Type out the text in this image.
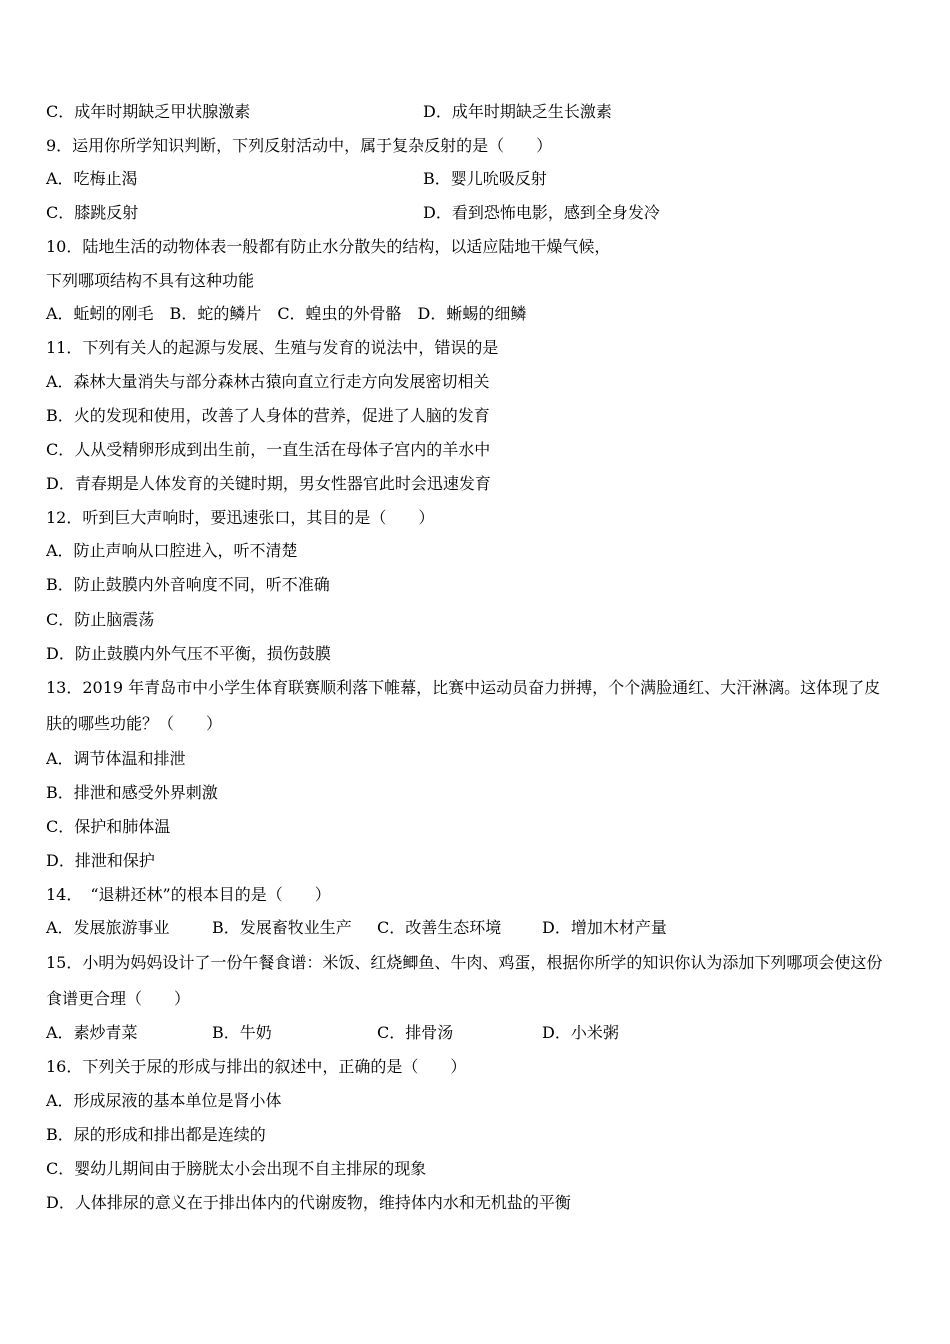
C．成年时期缺乏甲状腺激素	D．成年时期缺乏生长激素
9．运用你所学知识判断，下列反射活动中，属于复杂反射的是（　　）
A．吃梅止渴	B．婴儿吮吸反射
C．膝跳反射	D．看到恐怖电影，感到全身发冷
10．陆地生活的动物体表一般都有防止水分散失的结构，以适应陆地干燥气候，
下列哪项结构不具有这种功能
A．蚯蚓的刚毛　B．蛇的鳞片　C．蝗虫的外骨骼　D．蜥蜴的细鳞
11．下列有关人的起源与发展、生殖与发育的说法中，错误的是
A．森林大量消失与部分森林古猿向直立行走方向发展密切相关
B．火的发现和使用，改善了人身体的营养，促进了人脑的发育
C．人从受精卵形成到出生前，一直生活在母体子宫内的羊水中
D．青春期是人体发育的关键时期，男女性器官此时会迅速发育
12．听到巨大声响时，要迅速张口，其目的是（　　）
A．防止声响从口腔进入，听不清楚
B．防止鼓膜内外音响度不同，听不准确
C．防止脑震荡
D．防止鼓膜内外气压不平衡，损伤鼓膜
13．2019 年青岛市中小学生体育联赛顺利落下帷幕，比赛中运动员奋力拼搏，个个满脸通红、大汗淋漓。这体现了皮
肤的哪些功能？（　　）
A．调节体温和排泄
B．排泄和感受外界刺激
C．保护和肺体温
D．排泄和保护
14．　“退耕还林”的根本目的是（　　）
A．发展旅游事业	B．发展畜牧业生产 C．改善生态环境	D．增加木材产量
15．小明为妈妈设计了一份午餐食谱：米饭、红烧鲫鱼、牛肉、鸡蛋，根据你所学的知识你认为添加下列哪项会使这份
食谱更合理（　　）
A．素炒青菜	B．牛奶	C．排骨汤	D．小米粥
16．下列关于尿的形成与排出的叙述中，正确的是（　　）
A．形成尿液的基本单位是肾小体
B．尿的形成和排出都是连续的
C．婴幼儿期间由于膀胱太小会出现不自主排尿的现象
D．人体排尿的意义在于排出体内的代谢废物，维持体内水和无机盐的平衡
